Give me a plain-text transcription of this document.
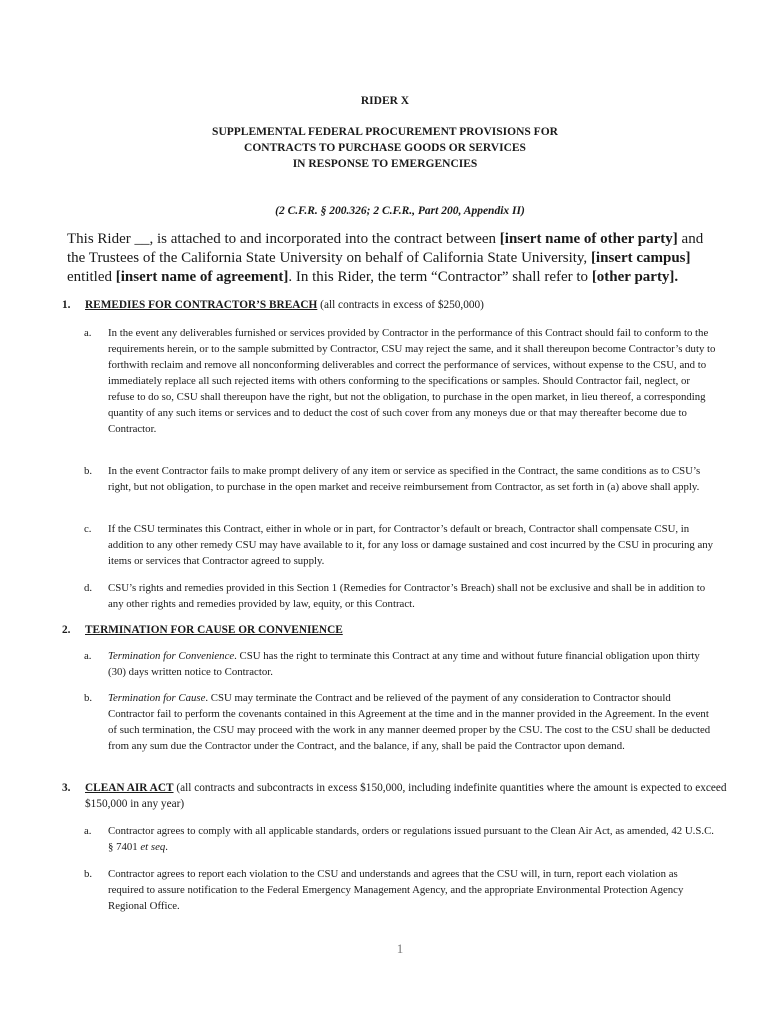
RIDER X
SUPPLEMENTAL FEDERAL PROCUREMENT PROVISIONS FOR
CONTRACTS TO PURCHASE GOODS OR SERVICES
IN RESPONSE TO EMERGENCIES
(2 C.F.R. § 200.326; 2 C.F.R., Part 200, Appendix II)
This Rider __, is attached to and incorporated into the contract between [insert name of other party] and the Trustees of the California State University on behalf of California State University, [insert campus] entitled [insert name of agreement]. In this Rider, the term “Contractor” shall refer to [other party].
1. REMEDIES FOR CONTRACTOR’S BREACH (all contracts in excess of $250,000)
a. In the event any deliverables furnished or services provided by Contractor in the performance of this Contract should fail to conform to the requirements herein, or to the sample submitted by Contractor, CSU may reject the same, and it shall thereupon become Contractor’s duty to forthwith reclaim and remove all nonconforming deliverables and correct the performance of services, without expense to the CSU, and to immediately replace all such rejected items with others conforming to the specifications or samples. Should Contractor fail, neglect, or refuse to do so, CSU shall thereupon have the right, but not the obligation, to purchase in the open market, in lieu thereof, a corresponding quantity of any such items or services and to deduct the cost of such cover from any moneys due or that may thereafter become due to Contractor.
b. In the event Contractor fails to make prompt delivery of any item or service as specified in the Contract, the same conditions as to CSU’s right, but not obligation, to purchase in the open market and receive reimbursement from Contractor, as set forth in (a) above shall apply.
c. If the CSU terminates this Contract, either in whole or in part, for Contractor’s default or breach, Contractor shall compensate CSU, in addition to any other remedy CSU may have available to it, for any loss or damage sustained and cost incurred by the CSU in procuring any items or services that Contractor agreed to supply.
d. CSU’s rights and remedies provided in this Section 1 (Remedies for Contractor’s Breach) shall not be exclusive and shall be in addition to any other rights and remedies provided by law, equity, or this Contract.
2. TERMINATION FOR CAUSE OR CONVENIENCE
a. Termination for Convenience. CSU has the right to terminate this Contract at any time and without future financial obligation upon thirty (30) days written notice to Contractor.
b. Termination for Cause. CSU may terminate the Contract and be relieved of the payment of any consideration to Contractor should Contractor fail to perform the covenants contained in this Agreement at the time and in the manner provided in the Agreement. In the event of such termination, the CSU may proceed with the work in any manner deemed proper by the CSU. The cost to the CSU shall be deducted from any sum due the Contractor under the Contract, and the balance, if any, shall be paid the Contractor upon demand.
3. CLEAN AIR ACT (all contracts and subcontracts in excess $150,000, including indefinite quantities where the amount is expected to exceed $150,000 in any year)
a. Contractor agrees to comply with all applicable standards, orders or regulations issued pursuant to the Clean Air Act, as amended, 42 U.S.C. § 7401 et seq.
b. Contractor agrees to report each violation to the CSU and understands and agrees that the CSU will, in turn, report each violation as required to assure notification to the Federal Emergency Management Agency, and the appropriate Environmental Protection Agency Regional Office.
1
